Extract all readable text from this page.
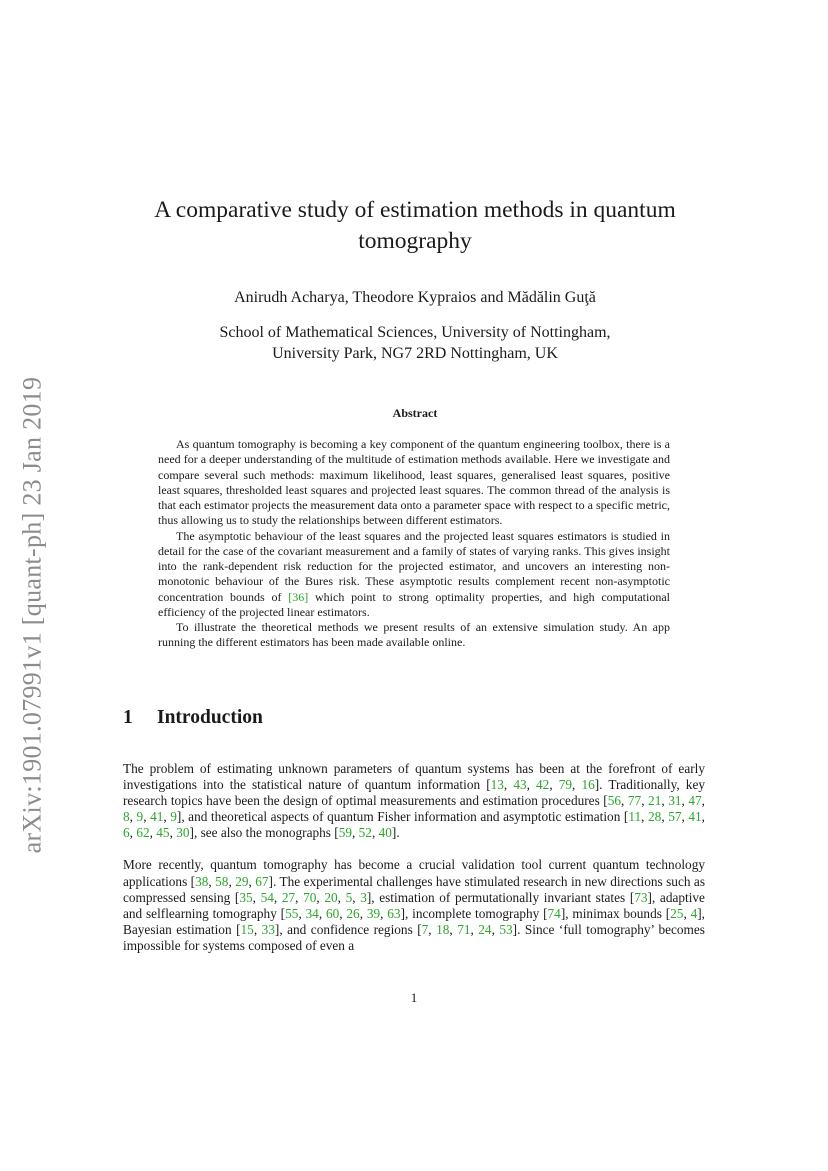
arXiv:1901.07991v1 [quant-ph] 23 Jan 2019
A comparative study of estimation methods in quantum tomography
Anirudh Acharya, Theodore Kypraios and Mădălin Guţă
School of Mathematical Sciences, University of Nottingham,
University Park, NG7 2RD Nottingham, UK
Abstract

As quantum tomography is becoming a key component of the quantum engineering toolbox, there is a need for a deeper understanding of the multitude of estimation methods available. Here we investigate and compare several such methods: maximum likelihood, least squares, generalised least squares, positive least squares, thresholded least squares and projected least squares. The common thread of the analysis is that each estimator projects the measurement data onto a parameter space with respect to a specific metric, thus allowing us to study the relationships between different estimators.

The asymptotic behaviour of the least squares and the projected least squares estimators is studied in detail for the case of the covariant measurement and a family of states of varying ranks. This gives insight into the rank-dependent risk reduction for the projected estimator, and uncovers an interesting non-monotonic behaviour of the Bures risk. These asymptotic results complement recent non-asymptotic concentration bounds of [36] which point to strong optimality properties, and high computational efficiency of the projected linear estimators.

To illustrate the theoretical methods we present results of an extensive simulation study. An app running the different estimators has been made available online.

1 Introduction

The problem of estimating unknown parameters of quantum systems has been at the forefront of early investigations into the statistical nature of quantum information [13, 43, 42, 79, 16]. Traditionally, key research topics have been the design of optimal measurements and estimation procedures [56, 77, 21, 31, 47, 8, 9, 41, 9], and theoretical aspects of quantum Fisher information and asymptotic estimation [11, 28, 57, 41, 6, 62, 45, 30], see also the monographs [59, 52, 40].

More recently, quantum tomography has become a crucial validation tool current quantum technology applications [38, 58, 29, 67]. The experimental challenges have stimulated research in new directions such as compressed sensing [35, 54, 27, 70, 20, 5, 3], estimation of permutationally invariant states [73], adaptive and selflearning tomography [55, 34, 60, 26, 39, 63], incomplete tomography [74], minimax bounds [25, 4], Bayesian estimation [15, 33], and confidence regions [7, 18, 71, 24, 53]. Since ‘full tomography’ becomes impossible for systems composed of even a

1
